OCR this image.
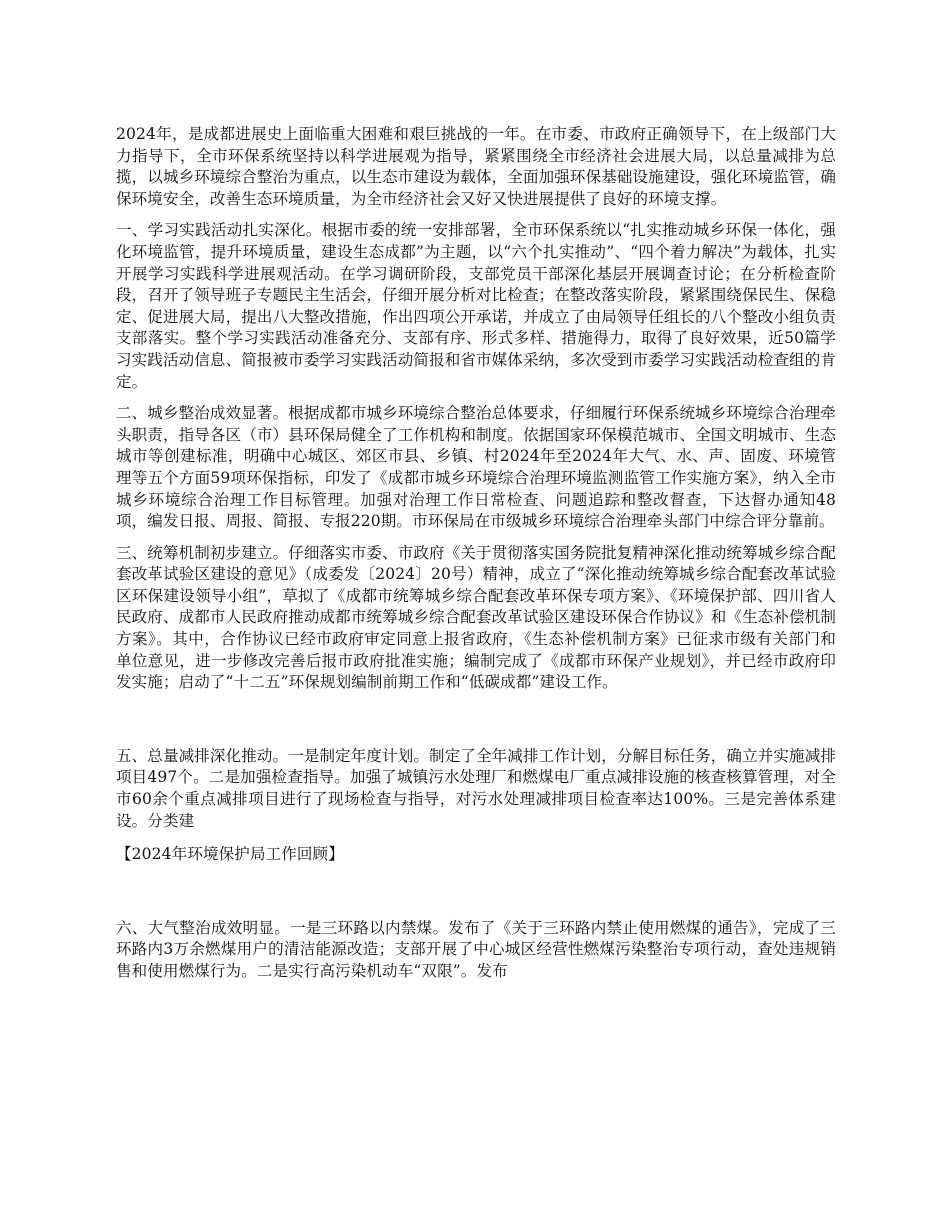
2024年，是成都进展史上面临重大困难和艰巨挑战的一年。在市委、市政府正确领导下，在上级部门大力指导下，全市环保系统坚持以科学进展观为指导，紧紧围绕全市经济社会进展大局，以总量减排为总揽，以城乡环境综合整治为重点，以生态市建设为载体，全面加强环保基础设施建设，强化环境监管，确保环境安全，改善生态环境质量，为全市经济社会又好又快进展提供了良好的环境支撑。

一、学习实践活动扎实深化。根据市委的统一安排部署，全市环保系统以“扎实推动城乡环保一体化，强化环境监管，提升环境质量，建设生态成都”为主题，以“六个扎实推动”、“四个着力解决”为载体，扎实开展学习实践科学进展观活动。在学习调研阶段，支部党员干部深化基层开展调查讨论；在分析检查阶段，召开了领导班子专题民主生活会，仔细开展分析对比检查；在整改落实阶段，紧紧围绕保民生、保稳定、促进展大局，提出八大整改措施，作出四项公开承诺，并成立了由局领导任组长的八个整改小组负责支部落实。整个学习实践活动准备充分、支部有序、形式多样、措施得力，取得了良好效果，近50篇学习实践活动信息、简报被市委学习实践活动简报和省市媒体采纳，多次受到市委学习实践活动检查组的肯定。

二、城乡整治成效显著。根据成都市城乡环境综合整治总体要求，仔细履行环保系统城乡环境综合治理牵头职责，指导各区（市）县环保局健全了工作机构和制度。依据国家环保模范城市、全国文明城市、生态城市等创建标准，明确中心城区、郊区市县、乡镇、村2024年至2024年大气、水、声、固废、环境管理等五个方面59项环保指标，印发了《成都市城乡环境综合治理环境监测监管工作实施方案》，纳入全市城乡环境综合治理工作目标管理。加强对治理工作日常检查、问题追踪和整改督查，下达督办通知48项，编发日报、周报、简报、专报220期。市环保局在市级城乡环境综合治理牵头部门中综合评分靠前。

三、统筹机制初步建立。仔细落实市委、市政府《关于贯彻落实国务院批复精神深化推动统筹城乡综合配套改革试验区建设的意见》（成委发〔2024〕20号）精神，成立了“深化推动统筹城乡综合配套改革试验区环保建设领导小组”，草拟了《成都市统筹城乡综合配套改革环保专项方案》、《环境保护部、四川省人民政府、成都市人民政府推动成都市统筹城乡综合配套改革试验区建设环保合作协议》和《生态补偿机制方案》。其中，合作协议已经市政府审定同意上报省政府，《生态补偿机制方案》已征求市级有关部门和单位意见，进一步修改完善后报市政府批准实施；编制完成了《成都市环保产业规划》，并已经市政府印发实施；启动了“十二五”环保规划编制前期工作和“低碳成都”建设工作。

五、总量减排深化推动。一是制定年度计划。制定了全年减排工作计划，分解目标任务，确立并实施减排项目497个。二是加强检查指导。加强了城镇污水处理厂和燃煤电厂重点减排设施的核查核算管理，对全市60余个重点减排项目进行了现场检查与指导，对污水处理减排项目检查率达100%。三是完善体系建设。分类建

【2024年环境保护局工作回顾】

六、大气整治成效明显。一是三环路以内禁煤。发布了《关于三环路内禁止使用燃煤的通告》，完成了三环路内3万余燃煤用户的清洁能源改造；支部开展了中心城区经营性燃煤污染整治专项行动，查处违规销售和使用燃煤行为。二是实行高污染机动车“双限”。发布
